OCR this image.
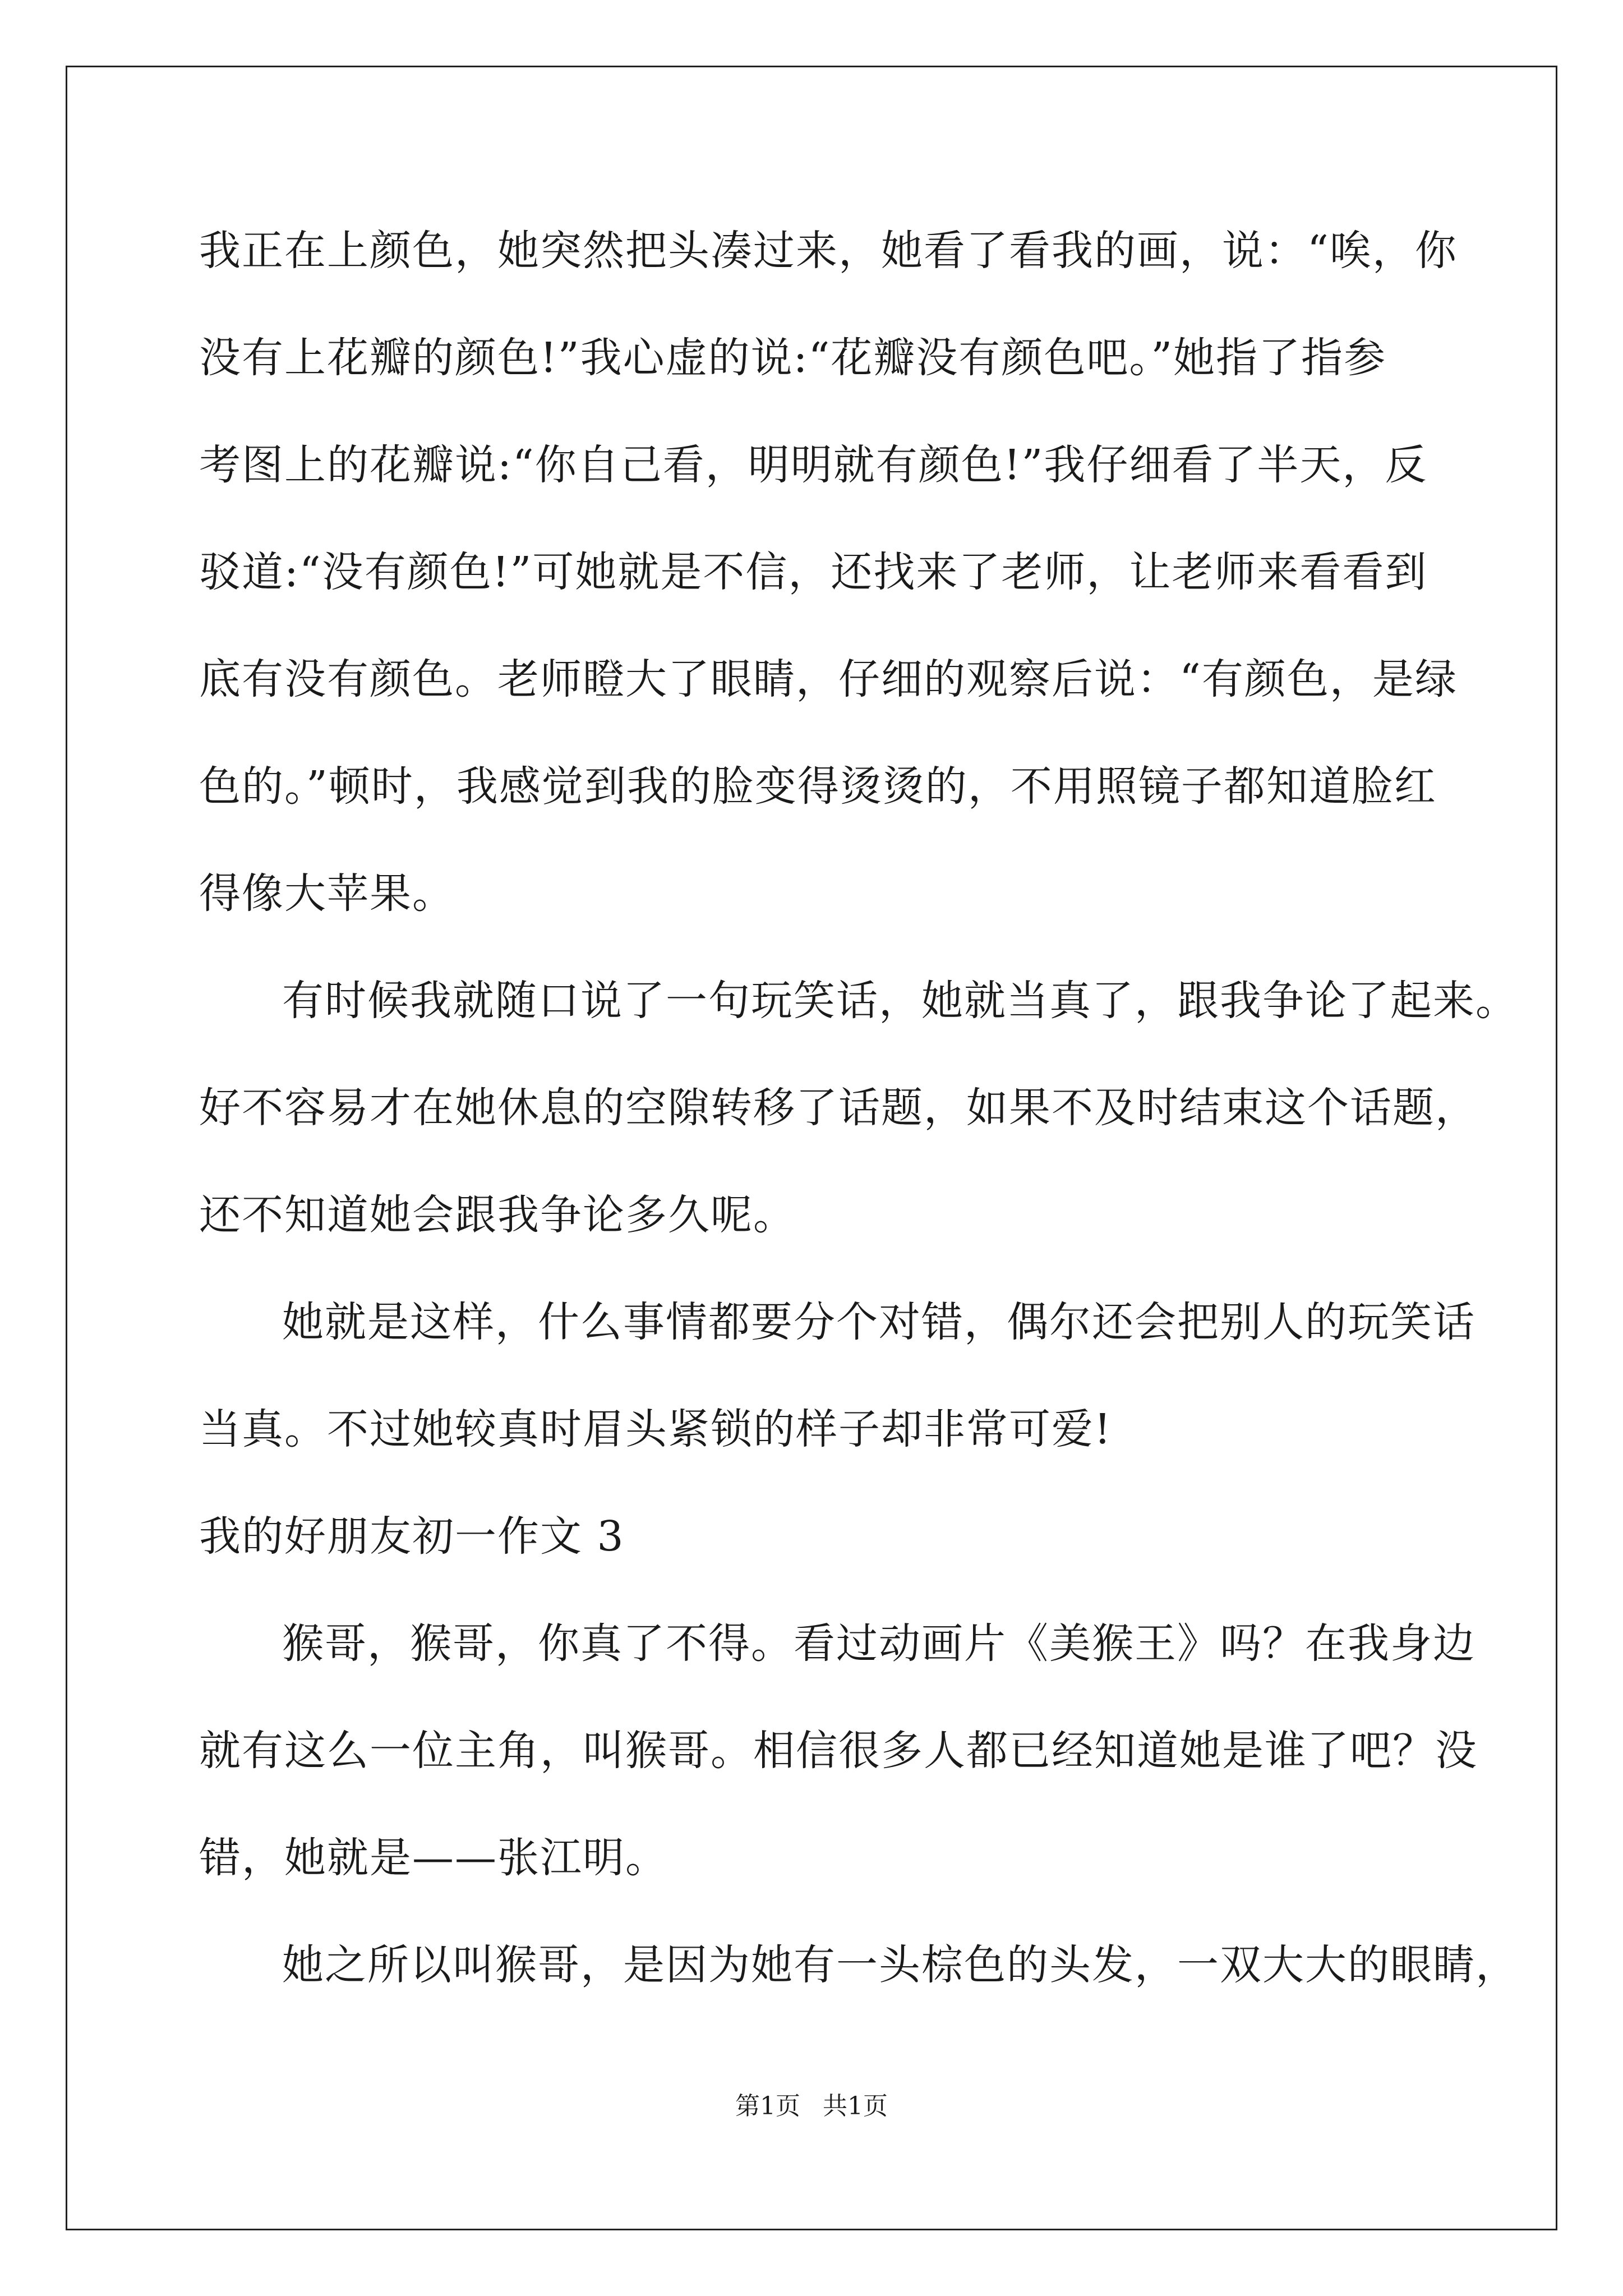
我正在上颜色，她突然把头凑过来，她看了看我的画，说：“唉，你
没有上花瓣的颜色!”我心虚的说:“花瓣没有颜色吧。”她指了指参
考图上的花瓣说:“你自己看，明明就有颜色!”我仔细看了半天，反
驳道:“没有颜色!”可她就是不信，还找来了老师，让老师来看看到
底有没有颜色。老师瞪大了眼睛，仔细的观察后说：“有颜色，是绿
色的。”顿时，我感觉到我的脸变得烫烫的，不用照镜子都知道脸红
得像大苹果。
有时候我就随口说了一句玩笑话，她就当真了，跟我争论了起来。
好不容易才在她休息的空隙转移了话题，如果不及时结束这个话题，
还不知道她会跟我争论多久呢。
她就是这样，什么事情都要分个对错，偶尔还会把别人的玩笑话
当真。不过她较真时眉头紧锁的样子却非常可爱!
我的好朋友初一作文 3
猴哥，猴哥，你真了不得。看过动画片《美猴王》吗？在我身边
就有这么一位主角，叫猴哥。相信很多人都已经知道她是谁了吧？没
错，她就是——张江明。
她之所以叫猴哥，是因为她有一头棕色的头发，一双大大的眼睛，
第1页 共1页
